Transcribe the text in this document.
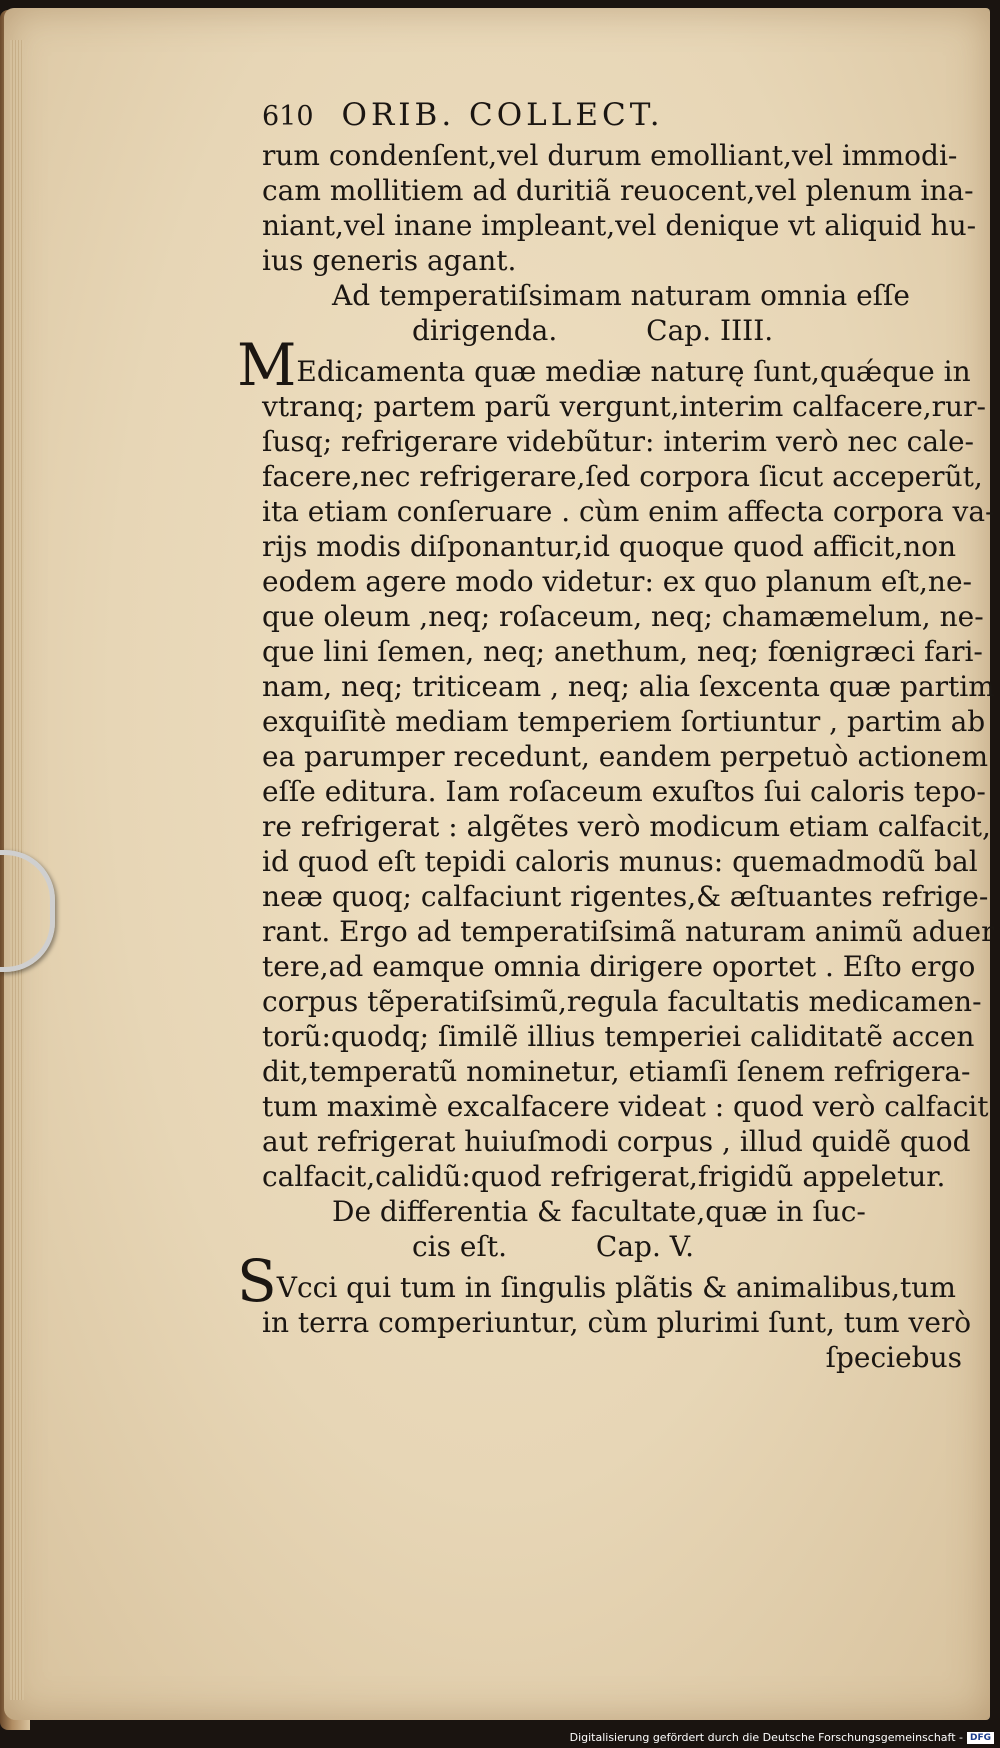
610 ORIB. COLLECT.
rum condenſent,vel durum emolliant,vel immodi-
cam mollitiem ad duritiã reuocent,vel plenum ina-
niant,vel inane impleant,vel denique vt aliquid hu-
ius generis agant.
Ad temperatiſsimam naturam omnia eſſe
dirigenda.	Cap. IIII.
MEdicamenta quæ mediæ naturę ſunt,quǽque in
vtranq; partem parũ vergunt,interim calfacere,rur-
ſusq; refrigerare videbũtur: interim verò nec cale-
facere,nec refrigerare,ſed corpora ſicut acceperũt,
ita etiam conſeruare . cùm enim affecta corpora va-
rijs modis diſponantur,id quoque quod afficit,non
eodem agere modo videtur: ex quo planum eſt,ne-
que oleum ,neq; roſaceum, neq; chamæmelum, ne-
que lini ſemen, neq; anethum, neq; fœnigræci fari-
nam, neq; triticeam , neq; alia ſexcenta quæ partim
exquiſitè mediam temperiem ſortiuntur , partim ab
ea parumper recedunt, eandem perpetuò actionem
eſſe editura. Iam roſaceum exuſtos ſui caloris tepo-
re refrigerat : algẽtes verò modicum etiam calfacit,
id quod eſt tepidi caloris munus: quemadmodũ bal
neæ quoq; calfaciunt rigentes,& æſtuantes refrige-
rant. Ergo ad temperatiſsimã naturam animũ aduer
tere,ad eamque omnia dirigere oportet . Eſto ergo
corpus tẽperatiſsimũ,regula facultatis medicamen-
torũ:quodq; ſimilẽ illius temperiei caliditatẽ accen
dit,temperatũ nominetur, etiamſi ſenem refrigera-
tum maximè excalfacere videat : quod verò calfacit
aut refrigerat huiuſmodi corpus , illud quidẽ quod
calfacit,calidũ:quod refrigerat,frigidũ appeletur.
De differentia & facultate,quæ in ſuc-
cis eſt.	Cap. V.
SVcci qui tum in ſingulis plãtis & animalibus,tum
in terra comperiuntur, cùm plurimi ſunt, tum verò
ſpeciebus
Digitalisierung gefördert durch die Deutsche Forschungsgemeinschaft - DFG
